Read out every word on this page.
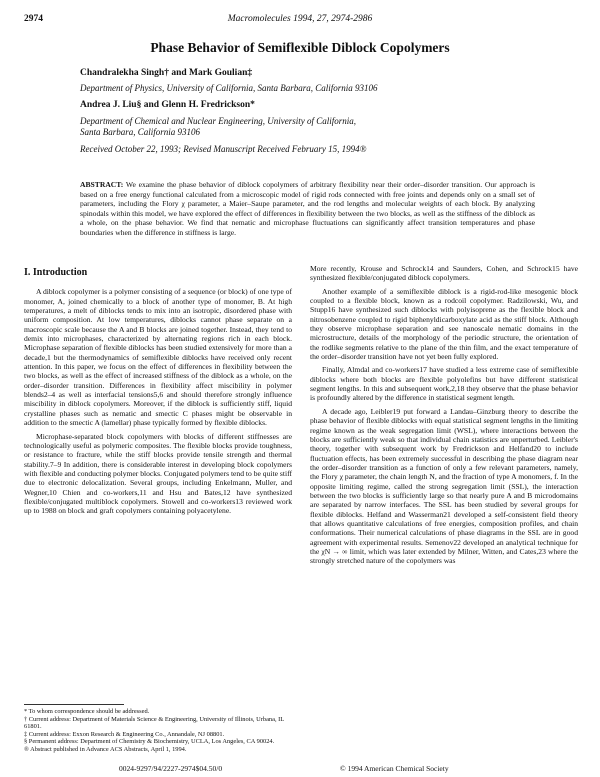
2974	Macromolecules 1994, 27, 2974-2986
Phase Behavior of Semiflexible Diblock Copolymers
Chandralekha Singh† and Mark Goulian‡
Department of Physics, University of California, Santa Barbara, California 93106
Andrea J. Liu§ and Glenn H. Fredrickson*
Department of Chemical and Nuclear Engineering, University of California,
Santa Barbara, California 93106
Received October 22, 1993; Revised Manuscript Received February 15, 1994®
ABSTRACT: We examine the phase behavior of diblock copolymers of arbitrary flexibility near their order–disorder transition. Our approach is based on a free energy functional calculated from a microscopic model of rigid rods connected with free joints and depends only on a small set of parameters, including the Flory χ parameter, a Maier–Saupe parameter, and the rod lengths and molecular weights of each block. By analyzing spinodals within this model, we have explored the effect of differences in flexibility between the two blocks, as well as the stiffness of the diblock as a whole, on the phase behavior. We find that nematic and microphase fluctuations can significantly affect transition temperatures and phase boundaries when the difference in stiffness is large.
I. Introduction

A diblock copolymer is a polymer consisting of a sequence (or block) of one type of monomer, A, joined chemically to a block of another type of monomer, B. At high temperatures, a melt of diblocks tends to mix into an isotropic, disordered phase with uniform composition. At low temperatures, diblocks cannot phase separate on a macroscopic scale because the A and B blocks are joined together. Instead, they tend to demix into microphases, characterized by alternating regions rich in each block. Microphase separation of flexible diblocks has been studied extensively for more than a decade,1 but the thermodynamics of semiflexible diblocks have received only recent attention. In this paper, we focus on the effect of differences in flexibility between the two blocks, as well as the effect of increased stiffness of the diblock as a whole, on the order–disorder transition. Differences in flexibility affect miscibility in polymer blends2–4 as well as interfacial tensions5,6 and should therefore strongly influence miscibility in diblock copolymers. Moreover, if the diblock is sufficiently stiff, liquid crystalline phases such as nematic and smectic C phases might be observable in addition to the smectic A (lamellar) phase typically formed by flexible diblocks.

Microphase-separated block copolymers with blocks of different stiffnesses are technologically useful as polymeric composites. The flexible blocks provide toughness, or resistance to fracture, while the stiff blocks provide tensile strength and thermal stability.7–9 In addition, there is considerable interest in developing block copolymers with flexible and conducting polymer blocks. Conjugated polymers tend to be quite stiff due to electronic delocalization. Several groups, including Enkelmann, Muller, and Wegner,10 Chien and co-workers,11 and Hsu and Bates,12 have synthesized flexible/conjugated multiblock copolymers. Stowell and co-workers13 reviewed work up to 1988 on block and graft copolymers containing polyacetylene.

More recently, Krouse and Schrock14 and Saunders, Cohen, and Schrock15 have synthesized flexible/conjugated diblock copolymers.

Another example of a semiflexible diblock is a rigid-rod-like mesogenic block coupled to a flexible block, known as a rodcoil copolymer. Radzilowski, Wu, and Stupp16 have synthesized such diblocks with polyisoprene as the flexible block and nitrosobenzene coupled to rigid biphenyldicarboxylate acid as the stiff block. Although they observe microphase separation and see nanoscale nematic domains in the microstructure, details of the morphology of the periodic structure, the orientation of the rodlike segments relative to the plane of the thin film, and the exact temperature of the order–disorder transition have not yet been fully explored.

Finally, Almdal and co-workers17 have studied a less extreme case of semiflexible diblocks where both blocks are flexible polyolefins but have different statistical segment lengths. In this and subsequent work,2,18 they observe that the phase behavior is profoundly altered by the difference in statistical segment length.

A decade ago, Leibler19 put forward a Landau–Ginzburg theory to describe the phase behavior of flexible diblocks with equal statistical segment lengths in the limiting regime known as the weak segregation limit (WSL), where interactions between the blocks are sufficiently weak so that individual chain statistics are unperturbed. Leibler's theory, together with subsequent work by Fredrickson and Helfand20 to include fluctuation effects, has been extremely successful in describing the phase diagram near the order–disorder transition as a function of only a few relevant parameters, namely, the Flory χ parameter, the chain length N, and the fraction of type A monomers, f. In the opposite limiting regime, called the strong segregation limit (SSL), the interaction between the two blocks is sufficiently large so that nearly pure A and B microdomains are separated by narrow interfaces. The SSL has been studied by several groups for flexible diblocks. Helfand and Wasserman21 developed a self-consistent field theory that allows quantitative calculations of free energies, composition profiles, and chain conformations. Their numerical calculations of phase diagrams in the SSL are in good agreement with experimental results. Semenov22 developed an analytical technique for the χN → ∞ limit, which was later extended by Milner, Witten, and Cates,23 where the strongly stretched nature of the copolymers was

* To whom correspondence should be addressed.
† Current address: Department of Materials Science & Engineering, University of Illinois, Urbana, IL 61801.
‡ Current address: Exxon Research & Engineering Co., Annandale, NJ 08801.
§ Permanent address: Department of Chemistry & Biochemistry, UCLA, Los Angeles, CA 90024.
® Abstract published in Advance ACS Abstracts, April 1, 1994.
0024-9297/94/2227-2974$04.50/0	© 1994 American Chemical Society
